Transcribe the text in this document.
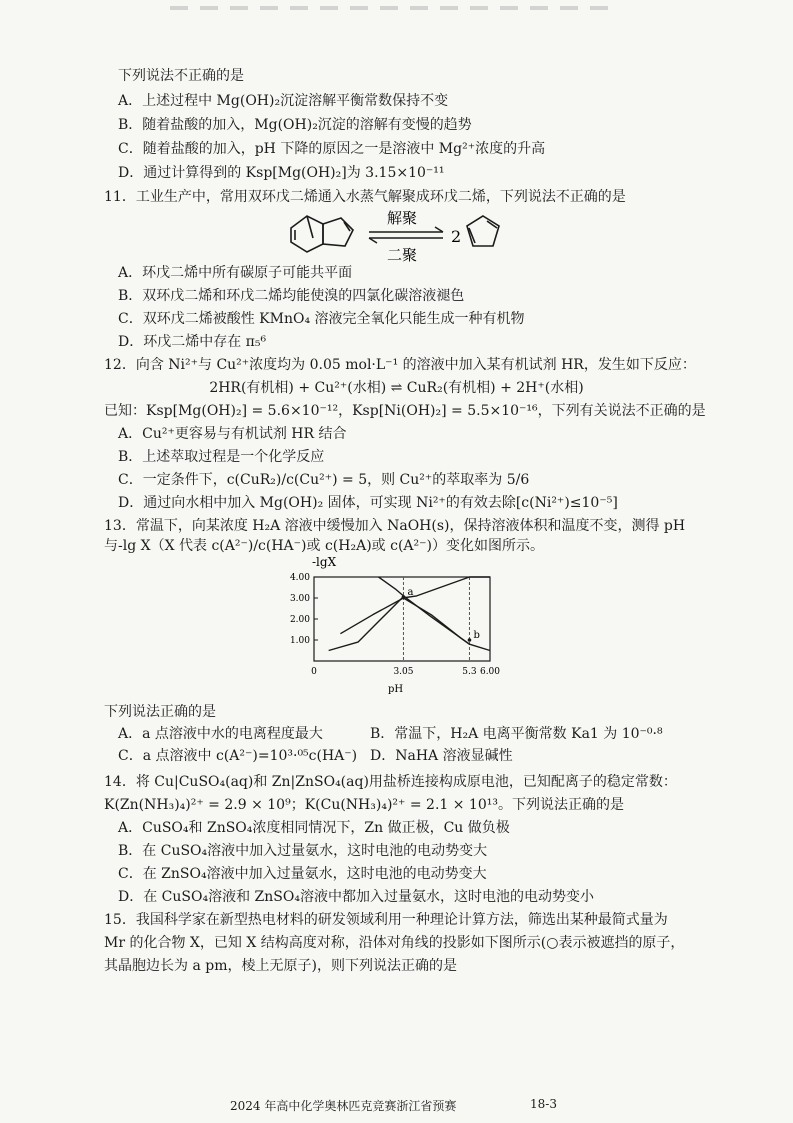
下列说法不正确的是
A．上述过程中 Mg(OH)₂沉淀溶解平衡常数保持不变
B．随着盐酸的加入，Mg(OH)₂沉淀的溶解有变慢的趋势
C．随着盐酸的加入，pH 下降的原因之一是溶液中 Mg²⁺浓度的升高
D．通过计算得到的 Ksp[Mg(OH)₂]为 3.15×10⁻¹¹
11．工业生产中，常用双环戊二烯通入水蒸气解聚成环戊二烯，下列说法不正确的是
解聚
二聚
2
A．环戊二烯中所有碳原子可能共平面
B．双环戊二烯和环戊二烯均能使溴的四氯化碳溶液褪色
C．双环戊二烯被酸性 KMnO₄ 溶液完全氧化只能生成一种有机物
D．环戊二烯中存在 π₅⁶
12．向含 Ni²⁺与 Cu²⁺浓度均为 0.05 mol·L⁻¹ 的溶液中加入某有机试剂 HR，发生如下反应：
2HR(有机相) + Cu²⁺(水相) ⇌ CuR₂(有机相) + 2H⁺(水相)
已知：Ksp[Mg(OH)₂] = 5.6×10⁻¹²，Ksp[Ni(OH)₂] = 5.5×10⁻¹⁶，下列有关说法不正确的是
A．Cu²⁺更容易与有机试剂 HR 结合
B．上述萃取过程是一个化学反应
C．一定条件下，c(CuR₂)/c(Cu²⁺) = 5，则 Cu²⁺的萃取率为 5/6
D．通过向水相中加入 Mg(OH)₂ 固体，可实现 Ni²⁺的有效去除[c(Ni²⁺)≤10⁻⁵]
13．常温下，向某浓度 H₂A 溶液中缓慢加入 NaOH(s)，保持溶液体积和温度不变，测得 pH
与-lg X（X 代表 c(A²⁻)/c(HA⁻)或 c(H₂A)或 c(A²⁻)）变化如图所示。
-lgX
1.00
2.00
3.00
4.00
0	3.05	5.3 6.00
a
b
pH
下列说法正确的是
A．a 点溶液中水的电离程度最大	B．常温下，H₂A 电离平衡常数 Ka1 为 10⁻⁰·⁸
C．a 点溶液中 c(A²⁻)=10³·⁰⁵c(HA⁻) D．NaHA 溶液显碱性
14．将 Cu|CuSO₄(aq)和 Zn|ZnSO₄(aq)用盐桥连接构成原电池，已知配离子的稳定常数：
K(Zn(NH₃)₄)²⁺ = 2.9 × 10⁹；K(Cu(NH₃)₄)²⁺ = 2.1 × 10¹³。下列说法正确的是
A．CuSO₄和 ZnSO₄浓度相同情况下，Zn 做正极，Cu 做负极
B．在 CuSO₄溶液中加入过量氨水，这时电池的电动势变大
C．在 ZnSO₄溶液中加入过量氨水，这时电池的电动势变大
D．在 CuSO₄溶液和 ZnSO₄溶液中都加入过量氨水，这时电池的电动势变小
15．我国科学家在新型热电材料的研发领域利用一种理论计算方法，筛选出某种最简式量为
Mr 的化合物 X，已知 X 结构高度对称，沿体对角线的投影如下图所示(○表示被遮挡的原子，
其晶胞边长为 a pm，棱上无原子)，则下列说法正确的是
2024 年高中化学奥林匹克竞赛浙江省预赛	18-3
